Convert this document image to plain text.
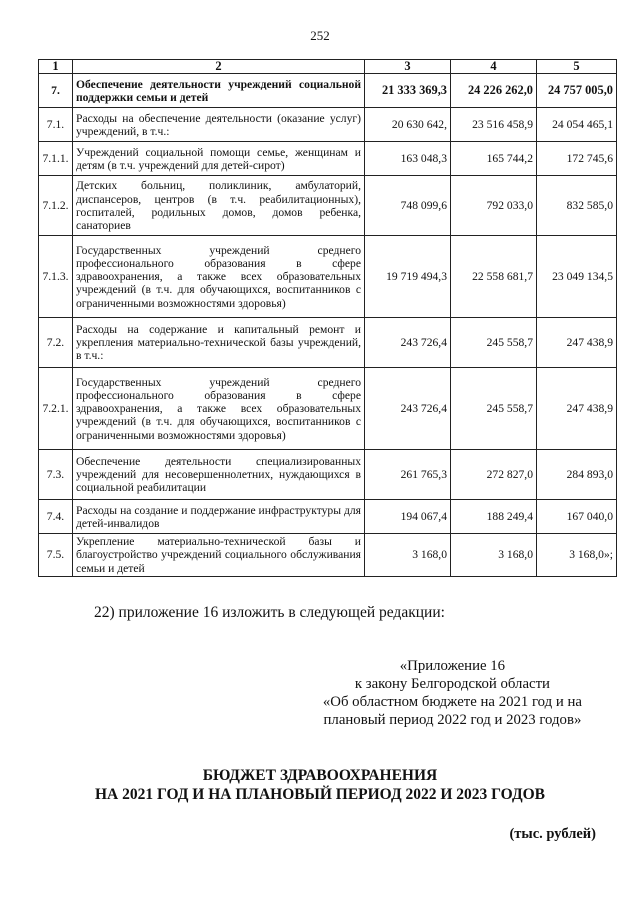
252
1	2	3	4	5
7.	Обеспечение деятельности учреждений социальной поддержки семьи и детей	21 333 369,3	24 226 262,0	24 757 005,0
7.1.	Расходы на обеспечение деятельности (оказание услуг) учреждений, в т.ч.:	20 630 642,	23 516 458,9	24 054 465,1
7.1.1.	Учреждений социальной помощи семье, женщинам и детям (в т.ч. учреждений для детей-сирот)	163 048,3	165 744,2	172 745,6
7.1.2.	Детских больниц, поликлиник, амбулаторий, диспансеров, центров (в т.ч. реабилитационных), госпиталей, родильных домов, домов ребенка, санаториев	748 099,6	792 033,0	832 585,0
7.1.3.	Государственных учреждений среднего профессионального образования в сфере здравоохранения, а также всех образовательных учреждений (в т.ч. для обучающихся, воспитанников с ограниченными возможностями здоровья)	19 719 494,3	22 558 681,7	23 049 134,5
7.2.	Расходы на содержание и капитальный ремонт и укрепления материально-технической базы учреждений, в т.ч.:	243 726,4	245 558,7	247 438,9
7.2.1.	Государственных учреждений среднего профессионального образования в сфере здравоохранения, а также всех образовательных учреждений (в т.ч. для обучающихся, воспитанников с ограниченными возможностями здоровья)	243 726,4	245 558,7	247 438,9
7.3.	Обеспечение деятельности специализированных учреждений для несовершеннолетних, нуждающихся в социальной реабилитации	261 765,3	272 827,0	284 893,0
7.4.	Расходы на создание и поддержание инфраструктуры для детей-инвалидов	194 067,4	188 249,4	167 040,0
7.5.	Укрепление материально-технической базы и благоустройство учреждений социального обслуживания семьи и детей	3 168,0	3 168,0	3 168,0»;
22) приложение 16 изложить в следующей редакции:
«Приложение 16
к закону Белгородской области
«Об областном бюджете на 2021 год и на
плановый период 2022 год и 2023 годов»
БЮДЖЕТ ЗДРАВООХРАНЕНИЯ
НА 2021 ГОД И НА ПЛАНОВЫЙ ПЕРИОД 2022 И 2023 ГОДОВ
(тыс. рублей)
